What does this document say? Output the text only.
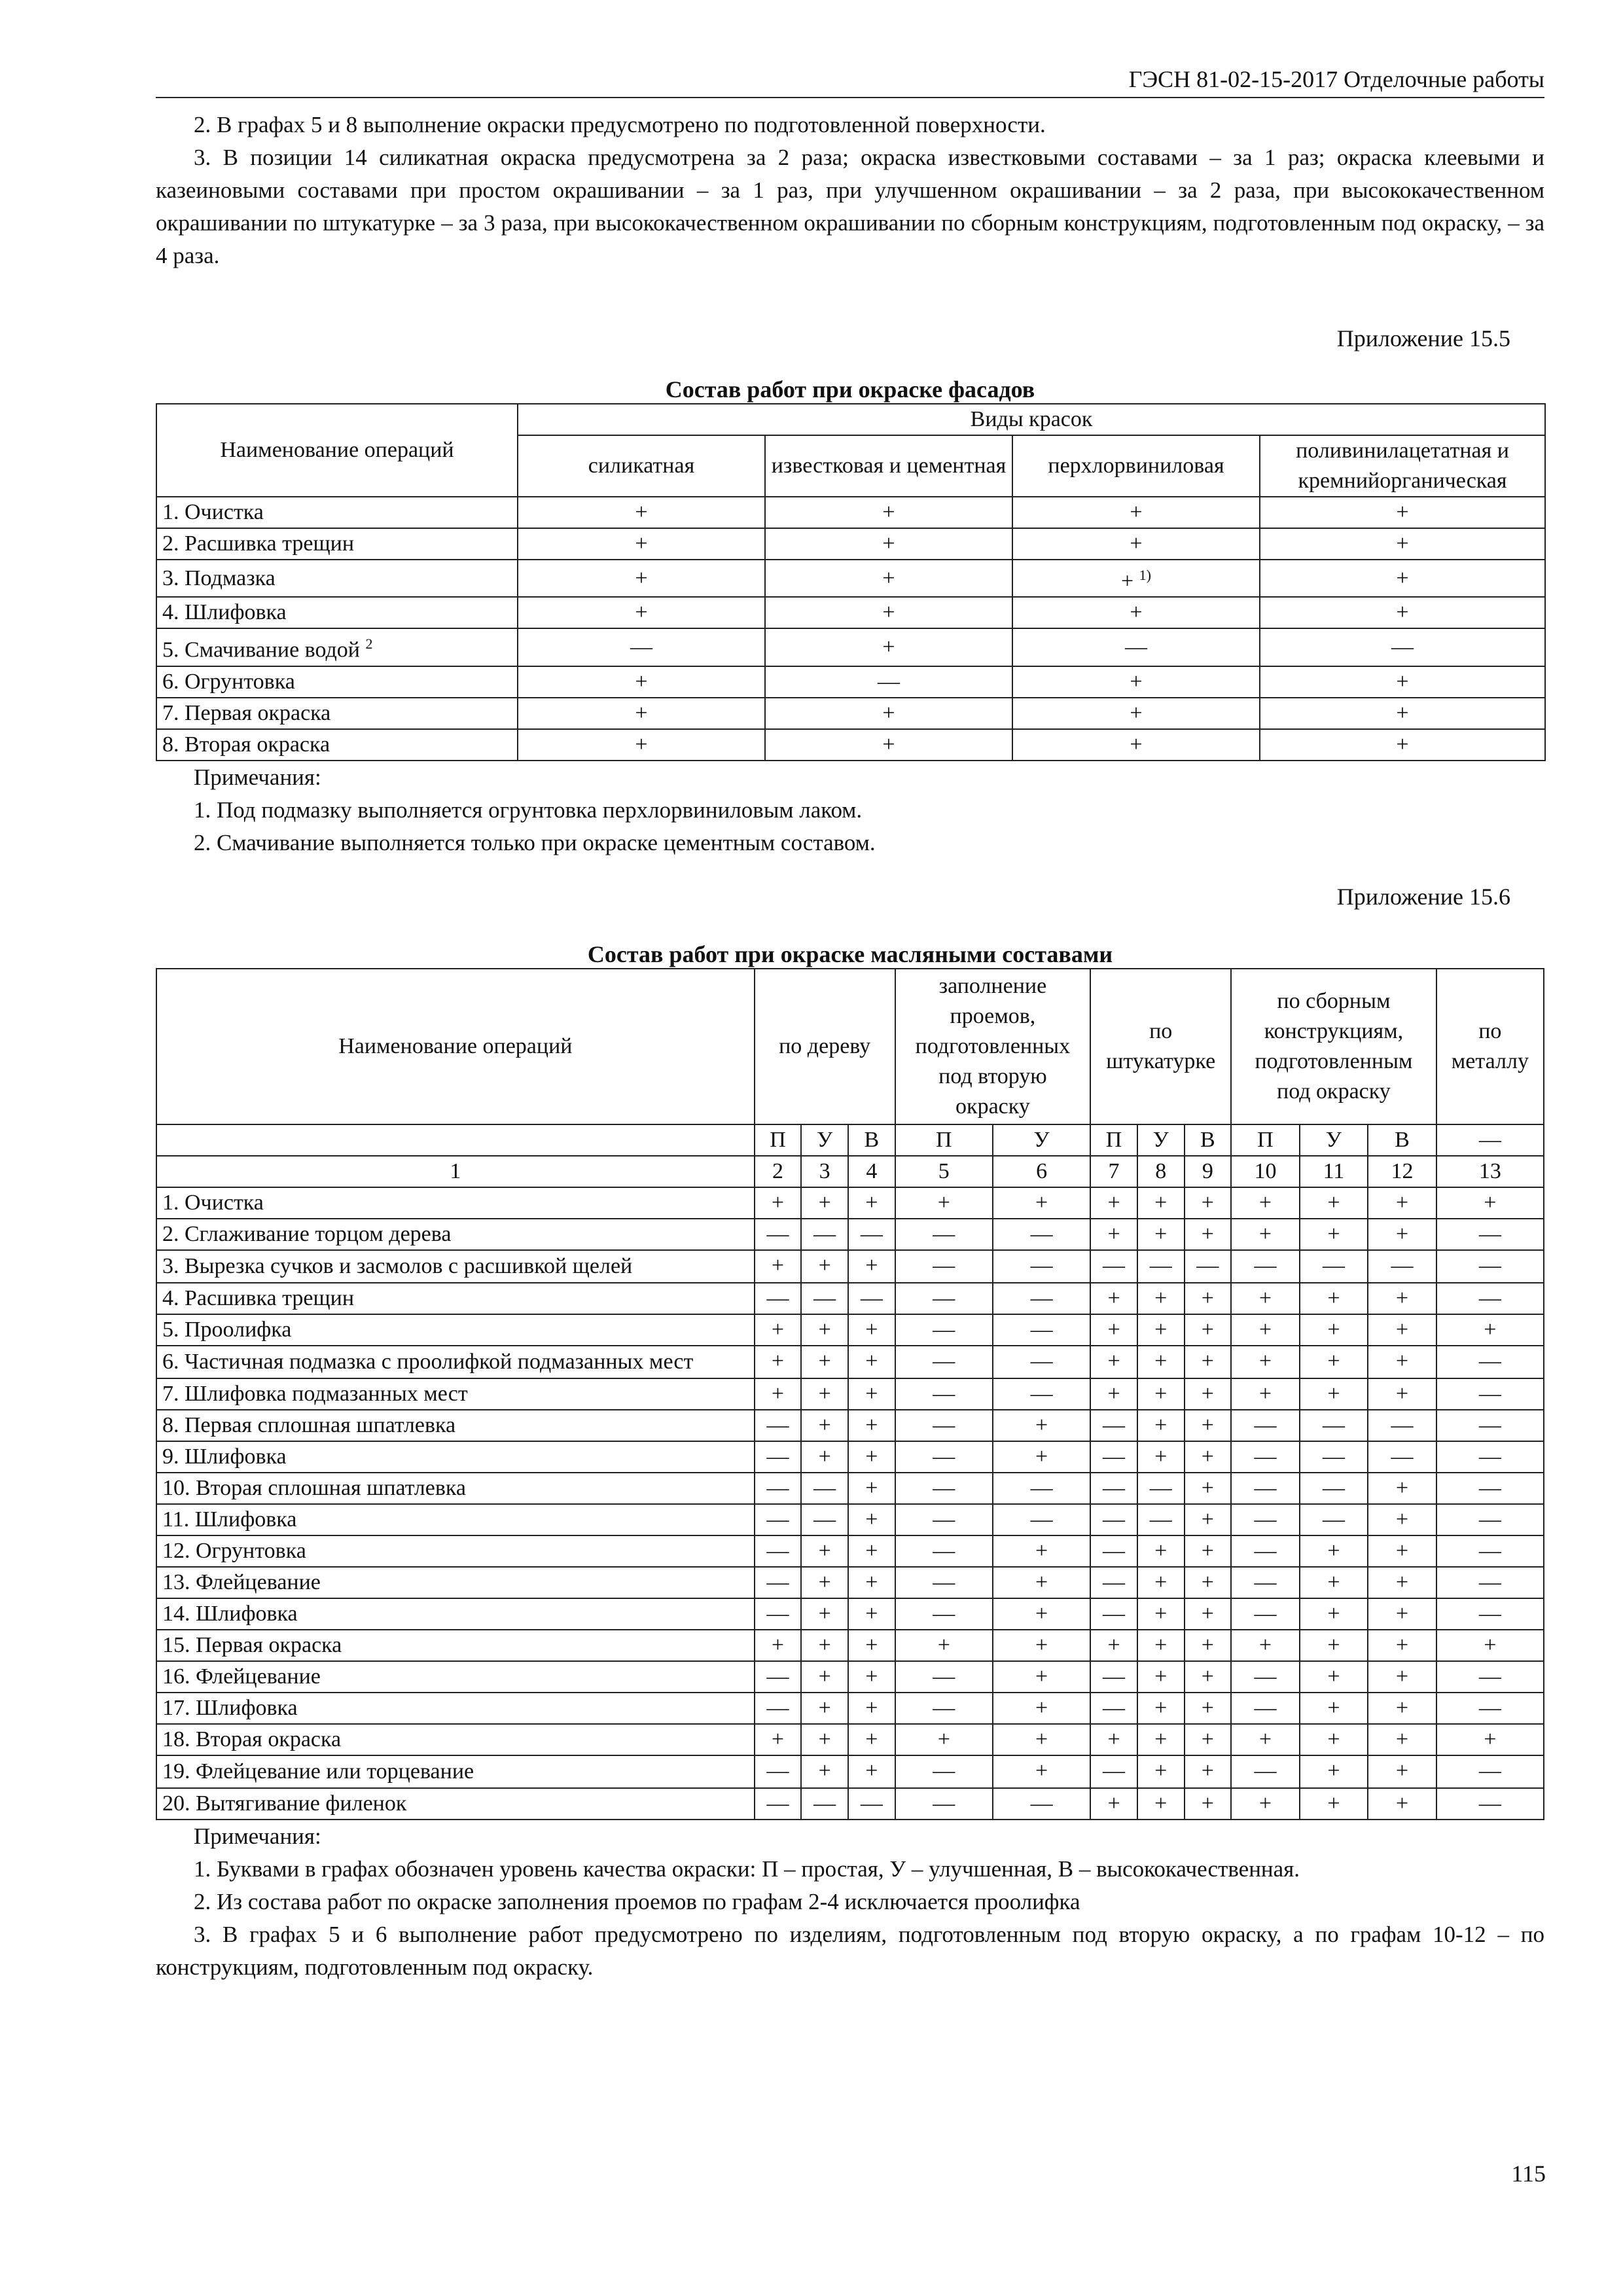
ГЭСН 81-02-15-2017 Отделочные работы

2. В графах 5 и 8 выполнение окраски предусмотрено по подготовленной поверхности.

3. В позиции 14 силикатная окраска предусмотрена за 2 раза; окраска известковыми составами – за 1 раз; окраска клеевыми и казеиновыми составами при простом окрашивании – за 1 раз, при улучшенном окрашивании – за 2 раза, при высококачественном окрашивании по штукатурке – за 3 раза, при высококачественном окрашивании по сборным конструкциям, подготовленным под окраску, – за 4 раза.

Приложение 15.5
Состав работ при окраске фасадов
Наименование операций	Виды красок			
	силикатная	известковая и цементная	перхлорвиниловая	поливинилацетатная и кремнийорганическая
1. Очистка	+	+	+	+
2. Расшивка трещин	+	+	+	+
3. Подмазка	+	+	+ $^{1)}$	+
4. Шлифовка	+	+	+	+
5. Смачивание водой $^2$	—	+	—	—
6. Огрунтовка	+	—	+	+
7. Первая окраска	+	+	+	+
8. Вторая окраска	+	+	+	+
Примечания:
1. Под подмазку выполняется огрунтовка перхлорвиниловым лаком.
2. Смачивание выполняется только при окраске цементным составом.
Приложение 15.6
Состав работ при окраске масляными составами
Наименование операций	по дереву			заполнение проемов, подготовленных под вторую окраску		по штукатурке			по сборным конструкциям, подготовленным под окраску			по металлу
	П	У	В	П	У	П	У	В	П	У	В	—
1	2	3	4	5	6	7	8	9	10	11	12	13
1. Очистка	+	+	+	+	+	+	+	+	+	+	+	+
2. Сглаживание торцом дерева	—	—	—	—	—	+	+	+	+	+	+	—
3. Вырезка сучков и засмолов с расшивкой щелей	+	+	+	—	—	—	—	—	—	—	—	—
4. Расшивка трещин	—	—	—	—	—	+	+	+	+	+	+	—
5. Проолифка	+	+	+	—	—	+	+	+	+	+	+	+
6. Частичная подмазка с проолифкой подмазанных мест	+	+	+	—	—	+	+	+	+	+	+	—
7. Шлифовка подмазанных мест	+	+	+	—	—	+	+	+	+	+	+	—
8. Первая сплошная шпатлевка	—	+	+	—	+	—	+	+	—	—	—	—
9. Шлифовка	—	+	+	—	+	—	+	+	—	—	—	—
10. Вторая сплошная шпатлевка	—	—	+	—	—	—	—	+	—	—	+	—
11. Шлифовка	—	—	+	—	—	—	—	+	—	—	+	—
12. Огрунтовка	—	+	+	—	+	—	+	+	—	+	+	—
13. Флейцевание	—	+	+	—	+	—	+	+	—	+	+	—
14. Шлифовка	—	+	+	—	+	—	+	+	—	+	+	—
15. Первая окраска	+	+	+	+	+	+	+	+	+	+	+	+
16. Флейцевание	—	+	+	—	+	—	+	+	—	+	+	—
17. Шлифовка	—	+	+	—	+	—	+	+	—	+	+	—
18. Вторая окраска	+	+	+	+	+	+	+	+	+	+	+	+
19. Флейцевание или торцевание	—	+	+	—	+	—	+	+	—	+	+	—
20. Вытягивание филенок	—	—	—	—	—	+	+	+	+	+	+	—
Примечания:
1. Буквами в графах обозначен уровень качества окраски: П – простая, У – улучшенная, В – высококачественная.
2. Из состава работ по окраске заполнения проемов по графам 2-4 исключается проолифка
3. В графах 5 и 6 выполнение работ предусмотрено по изделиям, подготовленным под вторую окраску, а по графам 10-12 – по конструкциям, подготовленным под окраску.
115
